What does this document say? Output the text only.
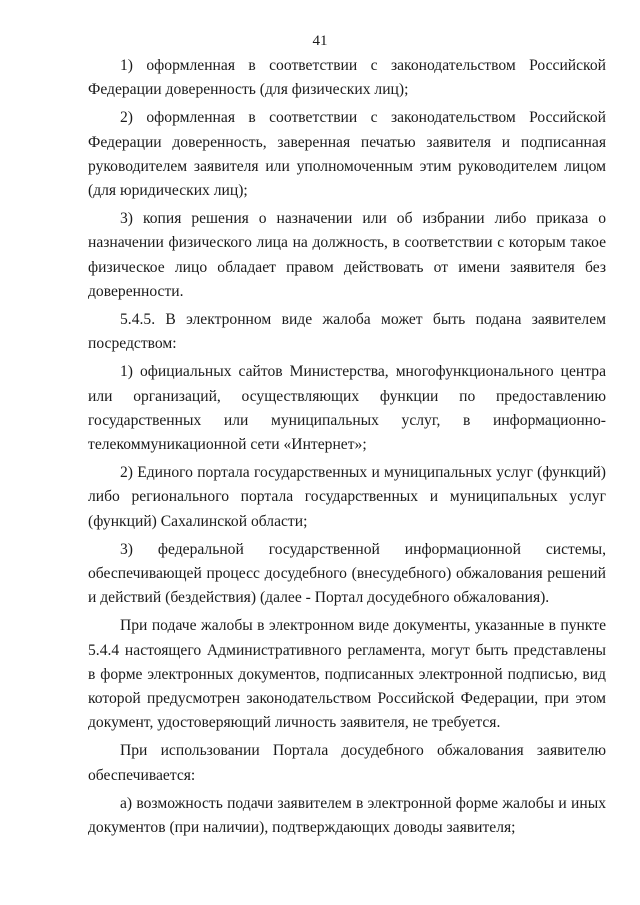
41

1) оформленная в соответствии с законодательством Российской Федерации доверенность (для физических лиц);

2) оформленная в соответствии с законодательством Российской Федерации доверенность, заверенная печатью заявителя и подписанная руководителем заявителя или уполномоченным этим руководителем лицом (для юридических лиц);

3) копия решения о назначении или об избрании либо приказа о назначении физического лица на должность, в соответствии с которым такое физическое лицо обладает правом действовать от имени заявителя без доверенности.

5.4.5. В электронном виде жалоба может быть подана заявителем посредством:

1) официальных сайтов Министерства, многофункционального центра или организаций, осуществляющих функции по предоставлению государственных или муниципальных услуг, в информационно-телекоммуникационной сети «Интернет»;

2) Единого портала государственных и муниципальных услуг (функций) либо регионального портала государственных и муниципальных услуг (функций) Сахалинской области;

3) федеральной государственной информационной системы, обеспечивающей процесс досудебного (внесудебного) обжалования решений и действий (бездействия) (далее - Портал досудебного обжалования).

При подаче жалобы в электронном виде документы, указанные в пункте 5.4.4 настоящего Административного регламента, могут быть представлены в форме электронных документов, подписанных электронной подписью, вид которой предусмотрен законодательством Российской Федерации, при этом документ, удостоверяющий личность заявителя, не требуется.

При использовании Портала досудебного обжалования заявителю обеспечивается:

а) возможность подачи заявителем в электронной форме жалобы и иных документов (при наличии), подтверждающих доводы заявителя;
